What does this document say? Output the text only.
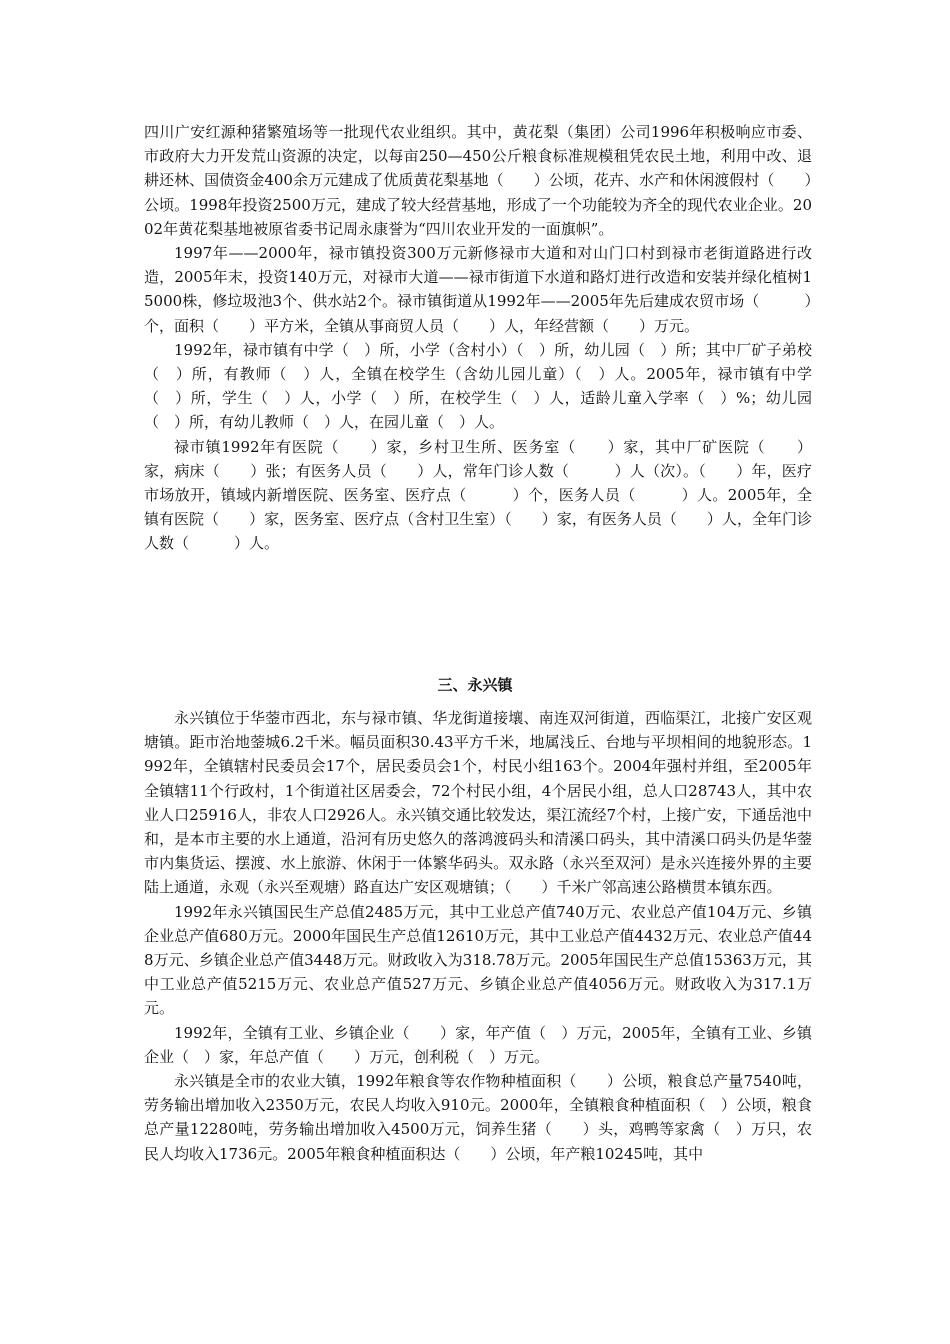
四川广安红源种猪繁殖场等一批现代农业组织。其中，黄花梨（集团）公司1996年积极响应市委、市政府大力开发荒山资源的决定，以每亩250—450公斤粮食标准规模租凭农民土地，利用中改、退耕还林、国债资金400余万元建成了优质黄花梨基地（　　）公顷，花卉、水产和休闲渡假村（　　）公顷。1998年投资2500万元，建成了较大经营基地，形成了一个功能较为齐全的现代农业企业。2002年黄花梨基地被原省委书记周永康誉为“四川农业开发的一面旗帜”。

1997年——2000年，禄市镇投资300万元新修禄市大道和对山门口村到禄市老街道路进行改造，2005年末，投资140万元，对禄市大道——禄市街道下水道和路灯进行改造和安装并绿化植树15000株，修垃圾池3个、供水站2个。禄市镇街道从1992年——2005年先后建成农贸市场（　　　）个，面积（　　）平方米，全镇从事商贸人员（　　）人，年经营额（　　）万元。

1992年，禄市镇有中学（　）所，小学（含村小）（　）所，幼儿园（　）所；其中厂矿子弟校（　）所，有教师（　）人，全镇在校学生（含幼儿园儿童）（　）人。2005年，禄市镇有中学（　）所，学生（　）人，小学（　）所，在校学生（　）人，适龄儿童入学率（　）%；幼儿园（　）所，有幼儿教师（　）人，在园儿童（　）人。

禄市镇1992年有医院（　　）家，乡村卫生所、医务室（　　）家，其中厂矿医院（　　）家，病床（　　）张；有医务人员（　　）人，常年门诊人数（　　　）人（次）。（　　）年，医疗市场放开，镇域内新增医院、医务室、医疗点（　　　）个，医务人员（　　　）人。2005年，全镇有医院（　　）家，医务室、医疗点（含村卫生室）（　　）家，有医务人员（　　）人，全年门诊人数（　　　）人。

三、永兴镇

永兴镇位于华蓥市西北，东与禄市镇、华龙街道接壤、南连双河街道，西临渠江，北接广安区观塘镇。距市治地蓥城6.2千米。幅员面积30.43平方千米，地属浅丘、台地与平坝相间的地貌形态。1992年，全镇辖村民委员会17个，居民委员会1个，村民小组163个。2004年强村并组，至2005年全镇辖11个行政村，1个街道社区居委会，72个村民小组，4个居民小组，总人口28743人，其中农业人口25916人，非农人口2926人。永兴镇交通比较发达，渠江流经7个村，上接广安，下通岳池中和，是本市主要的水上通道，沿河有历史悠久的落鸿渡码头和清溪口码头，其中清溪口码头仍是华蓥市内集货运、摆渡、水上旅游、休闲于一体繁华码头。双永路（永兴至双河）是永兴连接外界的主要陆上通道，永观（永兴至观塘）路直达广安区观塘镇；（　　）千米广邻高速公路横贯本镇东西。

1992年永兴镇国民生产总值2485万元，其中工业总产值740万元、农业总产值104万元、乡镇企业总产值680万元。2000年国民生产总值12610万元，其中工业总产值4432万元、农业总产值448万元、乡镇企业总产值3448万元。财政收入为318.78万元。2005年国民生产总值15363万元，其中工业总产值5215万元、农业总产值527万元、乡镇企业总产值4056万元。财政收入为317.1万元。

1992年，全镇有工业、乡镇企业（　　）家，年产值（　）万元，2005年，全镇有工业、乡镇企业（　）家，年总产值（　　）万元，创利税（　）万元。

永兴镇是全市的农业大镇，1992年粮食等农作物种植面积（　　）公顷，粮食总产量7540吨，劳务输出增加收入2350万元，农民人均收入910元。2000年，全镇粮食种植面积（　）公顷，粮食总产量12280吨，劳务输出增加收入4500万元，饲养生猪（　　）头，鸡鸭等家禽（　）万只，农民人均收入1736元。2005年粮食种植面积达（　　）公顷，年产粮10245吨，其中
